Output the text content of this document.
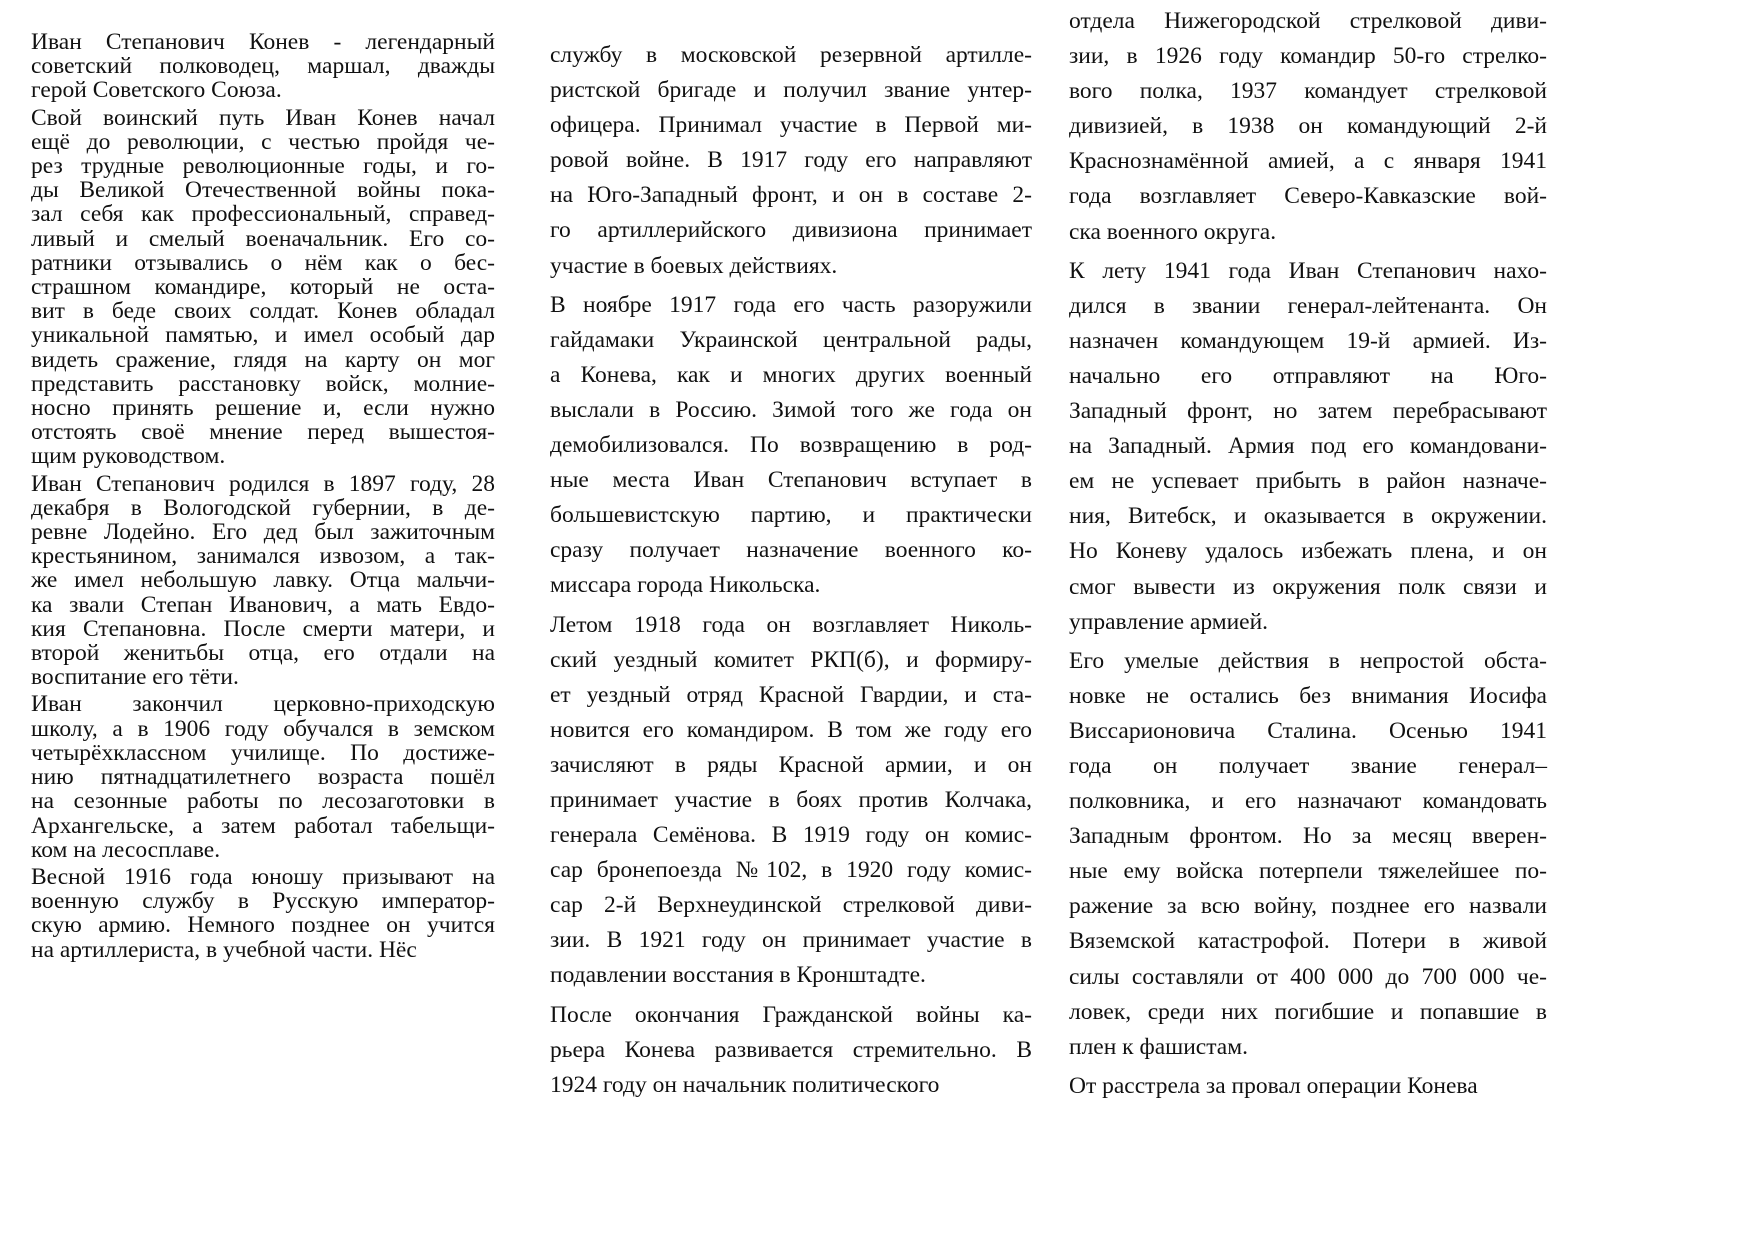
Иван Степанович Конев - легендарный
советский полководец, маршал, дважды
герой Советского Союза.

Свой воинский путь Иван Конев начал
ещё до революции, с честью пройдя че-
рез трудные революционные годы, и го-
ды Великой Отечественной войны пока-
зал себя как профессиональный, справед-
ливый и смелый военачальник. Его со-
ратники отзывались о нём как о бес-
страшном командире, который не оста-
вит в беде своих солдат. Конев обладал
уникальной памятью, и имел особый дар
видеть сражение, глядя на карту он мог
представить расстановку войск, молние-
носно принять решение и, если нужно
отстоять своё мнение перед вышестоя-
щим руководством.

Иван Степанович родился в 1897 году, 28
декабря в Вологодской губернии, в де-
ревне Лодейно. Его дед был зажиточным
крестьянином, занимался извозом, а так-
же имел небольшую лавку. Отца мальчи-
ка звали Степан Иванович, а мать Евдо-
кия Степановна. После смерти матери, и
второй женитьбы отца, его отдали на
воспитание его тёти.

Иван закончил церковно-приходскую
школу, а в 1906 году обучался в земском
четырёхклассном училище. По достиже-
нию пятнадцатилетнего возраста пошёл
на сезонные работы по лесозаготовки в
Архангельске, а затем работал табельщи-
ком на лесосплаве.

Весной 1916 года юношу призывают на
военную службу в Русскую император-
скую армию. Немного позднее он учится
на артиллериста, в учебной части. Нёс

службу в московской резервной артилле-
ристской бригаде и получил звание унтер-
офицера. Принимал участие в Первой ми-
ровой войне. В 1917 году его направляют
на Юго-Западный фронт, и он в составе 2-
го артиллерийского дивизиона принимает
участие в боевых действиях.

В ноябре 1917 года его часть разоружили
гайдамаки Украинской центральной рады,
а Конева, как и многих других военный
выслали в Россию. Зимой того же года он
демобилизовался. По возвращению в род-
ные места Иван Степанович вступает в
большевистскую партию, и практически
сразу получает назначение военного ко-
миссара города Никольска.

Летом 1918 года он возглавляет Николь-
ский уездный комитет РКП(б), и формиру-
ет уездный отряд Красной Гвардии, и ста-
новится его командиром. В том же году его
зачисляют в ряды Красной армии, и он
принимает участие в боях против Колчака,
генерала Семёнова. В 1919 году он комис-
сар бронепоезда №102, в 1920 году комис-
сар 2-й Верхнеудинской стрелковой диви-
зии. В 1921 году он принимает участие в
подавлении восстания в Кронштадте.

После окончания Гражданской войны ка-
рьера Конева развивается стремительно. В
1924 году он начальник политического

отдела Нижегородской стрелковой диви-
зии, в 1926 году командир 50-го стрелко-
вого полка, 1937 командует стрелковой
дивизией, в 1938 он командующий 2-й
Краснознамённой амией, а с января 1941
года возглавляет Северо-Кавказские вой-
ска военного округа.

К лету 1941 года Иван Степанович нахо-
дился в звании генерал-лейтенанта. Он
назначен командующем 19-й армией. Из-
начально его отправляют на Юго-
Западный фронт, но затем перебрасывают
на Западный. Армия под его командовани-
ем не успевает прибыть в район назначе-
ния, Витебск, и оказывается в окружении.
Но Коневу удалось избежать плена, и он
смог вывести из окружения полк связи и
управление армией.

Его умелые действия в непростой обста-
новке не остались без внимания Иосифа
Виссарионовича Сталина. Осенью 1941
года он получает звание генерал–
полковника, и его назначают командовать
Западным фронтом. Но за месяц вверен-
ные ему войска потерпели тяжелейшее по-
ражение за всю войну, позднее его назвали
Вяземской катастрофой. Потери в живой
силы составляли от 400 000 до 700 000 че-
ловек, среди них погибшие и попавшие в
плен к фашистам.

От расстрела за провал операции Конева
